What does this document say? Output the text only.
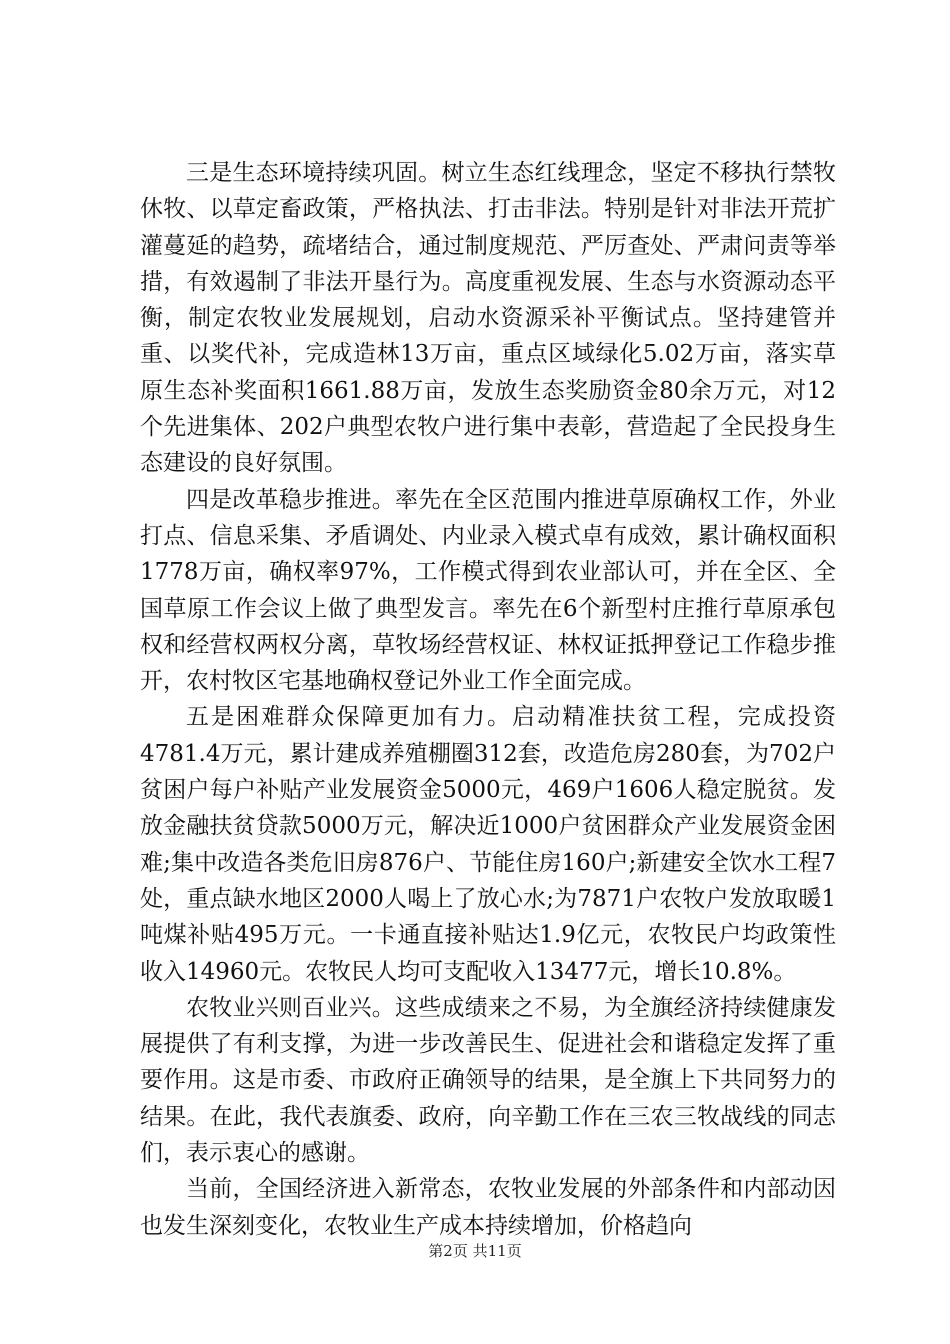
三是生态环境持续巩固。树立生态红线理念，坚定不移执行禁牧休牧、以草定畜政策，严格执法、打击非法。特别是针对非法开荒扩灌蔓延的趋势，疏堵结合，通过制度规范、严厉查处、严肃问责等举措，有效遏制了非法开垦行为。高度重视发展、生态与水资源动态平衡，制定农牧业发展规划，启动水资源采补平衡试点。坚持建管并重、以奖代补，完成造林13万亩，重点区域绿化5.02万亩，落实草原生态补奖面积1661.88万亩，发放生态奖励资金80余万元，对12个先进集体、202户典型农牧户进行集中表彰，营造起了全民投身生态建设的良好氛围。

四是改革稳步推进。率先在全区范围内推进草原确权工作，外业打点、信息采集、矛盾调处、内业录入模式卓有成效，累计确权面积1778万亩，确权率97%，工作模式得到农业部认可，并在全区、全国草原工作会议上做了典型发言。率先在6个新型村庄推行草原承包权和经营权两权分离，草牧场经营权证、林权证抵押登记工作稳步推开，农村牧区宅基地确权登记外业工作全面完成。

五是困难群众保障更加有力。启动精准扶贫工程，完成投资4781.4万元，累计建成养殖棚圈312套，改造危房280套，为702户贫困户每户补贴产业发展资金5000元，469户1606人稳定脱贫。发放金融扶贫贷款5000万元，解决近1000户贫困群众产业发展资金困难;集中改造各类危旧房876户、节能住房160户;新建安全饮水工程7处，重点缺水地区2000人喝上了放心水;为7871户农牧户发放取暖1吨煤补贴495万元。一卡通直接补贴达1.9亿元，农牧民户均政策性收入14960元。农牧民人均可支配收入13477元，增长10.8%。

农牧业兴则百业兴。这些成绩来之不易，为全旗经济持续健康发展提供了有利支撑，为进一步改善民生、促进社会和谐稳定发挥了重要作用。这是市委、市政府正确领导的结果，是全旗上下共同努力的结果。在此，我代表旗委、政府，向辛勤工作在三农三牧战线的同志们，表示衷心的感谢。

当前，全国经济进入新常态，农牧业发展的外部条件和内部动因也发生深刻变化，农牧业生产成本持续增加，价格趋向

第2页 共11页
